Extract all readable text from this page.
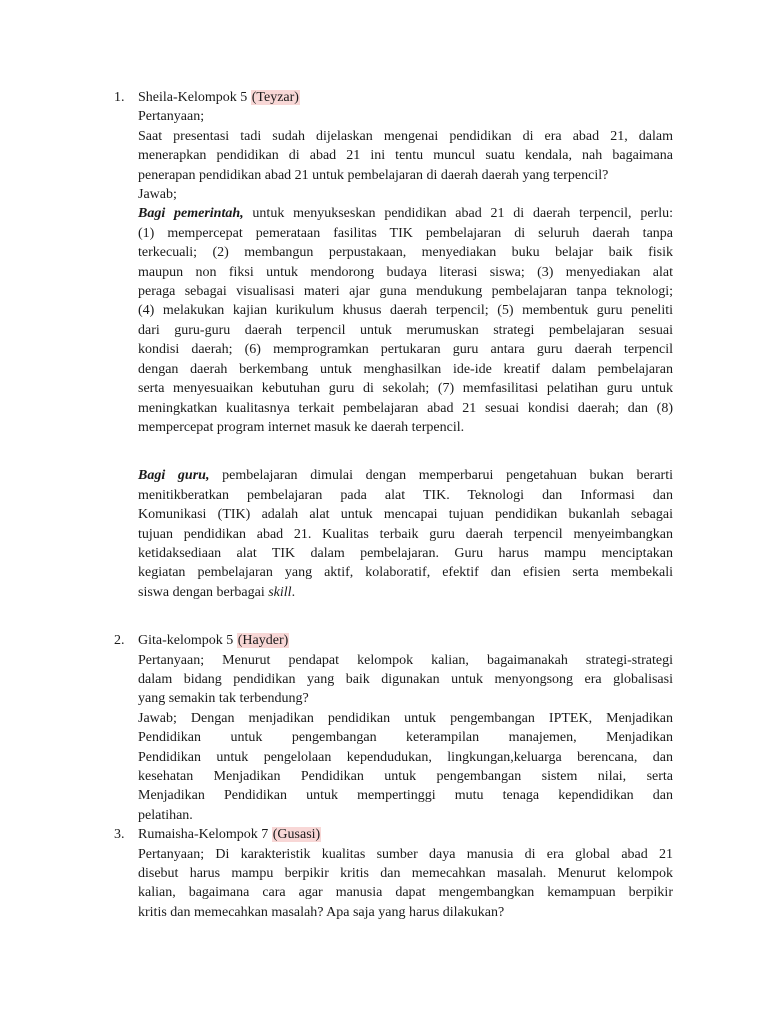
1. Sheila-Kelompok 5 (Teyzar)
Pertanyaan;
Saat presentasi tadi sudah dijelaskan mengenai pendidikan di era abad 21, dalam
menerapkan pendidikan di abad 21 ini tentu muncul suatu kendala, nah bagaimana
penerapan pendidikan abad 21 untuk pembelajaran di daerah daerah yang terpencil?
Jawab;
Bagi pemerintah, untuk menyukseskan pendidikan abad 21 di daerah terpencil, perlu:
(1) mempercepat pemerataan fasilitas TIK pembelajaran di seluruh daerah tanpa
terkecuali; (2) membangun perpustakaan, menyediakan buku belajar baik fisik
maupun non fiksi untuk mendorong budaya literasi siswa; (3) menyediakan alat
peraga sebagai visualisasi materi ajar guna mendukung pembelajaran tanpa teknologi;
(4) melakukan kajian kurikulum khusus daerah terpencil; (5) membentuk guru peneliti
dari guru-guru daerah terpencil untuk merumuskan strategi pembelajaran sesuai
kondisi daerah; (6) memprogramkan pertukaran guru antara guru daerah terpencil
dengan daerah berkembang untuk menghasilkan ide-ide kreatif dalam pembelajaran
serta menyesuaikan kebutuhan guru di sekolah; (7) memfasilitasi pelatihan guru untuk
meningkatkan kualitasnya terkait pembelajaran abad 21 sesuai kondisi daerah; dan (8)
mempercepat program internet masuk ke daerah terpencil.
Bagi guru, pembelajaran dimulai dengan memperbarui pengetahuan bukan berarti
menitikberatkan pembelajaran pada alat TIK. Teknologi dan Informasi dan
Komunikasi (TIK) adalah alat untuk mencapai tujuan pendidikan bukanlah sebagai
tujuan pendidikan abad 21. Kualitas terbaik guru daerah terpencil menyeimbangkan
ketidaksediaan alat TIK dalam pembelajaran. Guru harus mampu menciptakan
kegiatan pembelajaran yang aktif, kolaboratif, efektif dan efisien serta membekali
siswa dengan berbagai skill.
2. Gita-kelompok 5 (Hayder)
Pertanyaan; Menurut pendapat kelompok kalian, bagaimanakah strategi-strategi
dalam bidang pendidikan yang baik digunakan untuk menyongsong era globalisasi
yang semakin tak terbendung?
Jawab; Dengan menjadikan pendidikan untuk pengembangan IPTEK, Menjadikan
Pendidikan untuk pengembangan keterampilan manajemen, Menjadikan
Pendidikan untuk pengelolaan kependudukan, lingkungan,keluarga berencana, dan
kesehatan Menjadikan Pendidikan untuk pengembangan sistem nilai, serta
Menjadikan Pendidikan untuk mempertinggi mutu tenaga kependidikan dan
pelatihan.
3. Rumaisha-Kelompok 7 (Gusasi)
Pertanyaan; Di karakteristik kualitas sumber daya manusia di era global abad 21
disebut harus mampu berpikir kritis dan memecahkan masalah. Menurut kelompok
kalian, bagaimana cara agar manusia dapat mengembangkan kemampuan berpikir
kritis dan memecahkan masalah? Apa saja yang harus dilakukan?
